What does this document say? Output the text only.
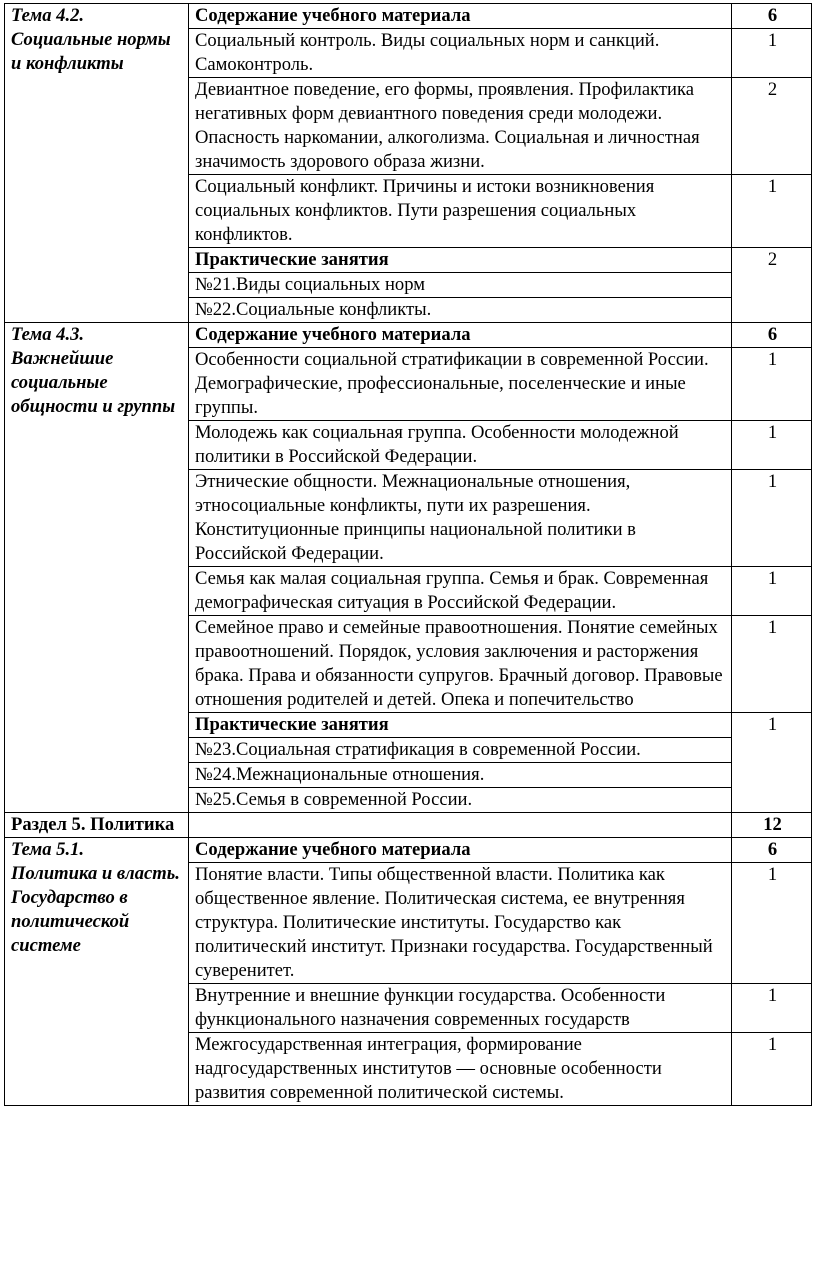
Тема 4.2.
Социальные нормы и конфликты	Содержание учебного материала	6
	Социальный контроль. Виды социальных норм и санкций. Самоконтроль.	1
	Девиантное поведение, его формы, проявления. Профилактика негативных форм девиантного поведения среди молодежи. Опасность наркомании, алкоголизма. Социальная и личностная значимость здорового образа жизни.	2
	Социальный конфликт. Причины и истоки возникновения социальных конфликтов. Пути разрешения социальных конфликтов.	1
	Практические занятия	2
	№21.Виды социальных норм	
	№22.Социальные конфликты.	

Тема 4.3.
Важнейшие социальные общности и группы	Содержание учебного материала	6
	Особенности социальной стратификации в современной России. Демографические, профессиональные, поселенческие и иные группы.	1
	Молодежь как социальная группа. Особенности молодежной политики в Российской Федерации.	1
	Этнические общности. Межнациональные отношения, этносоциальные конфликты, пути их разрешения. Конституционные принципы национальной политики в Российской Федерации.	1
	Семья как малая социальная группа. Семья и брак. Современная демографическая ситуация в Российской Федерации.	1
	Семейное право и семейные правоотношения. Понятие семейных правоотношений. Порядок, условия заключения и расторжения брака. Права и обязанности супругов. Брачный договор. Правовые отношения родителей и детей. Опека и попечительство	1
	Практические занятия	1
	№23.Социальная стратификация в современной России.	
	№24.Межнациональные отношения.	
	№25.Семья в современной России.	
Раздел 5. Политика		12

Тема 5.1.
Политика и власть. Государство в политической системе	Содержание учебного материала	6
	Понятие власти. Типы общественной власти. Политика как общественное явление. Политическая система, ее внутренняя структура. Политические институты. Государство как политический институт. Признаки государства. Государственный суверенитет.	1
	Внутренние и внешние функции государства. Особенности функционального назначения современных государств	1
	Межгосударственная интеграция, формирование надгосударственных институтов — основные особенности развития современной политической системы.	1
